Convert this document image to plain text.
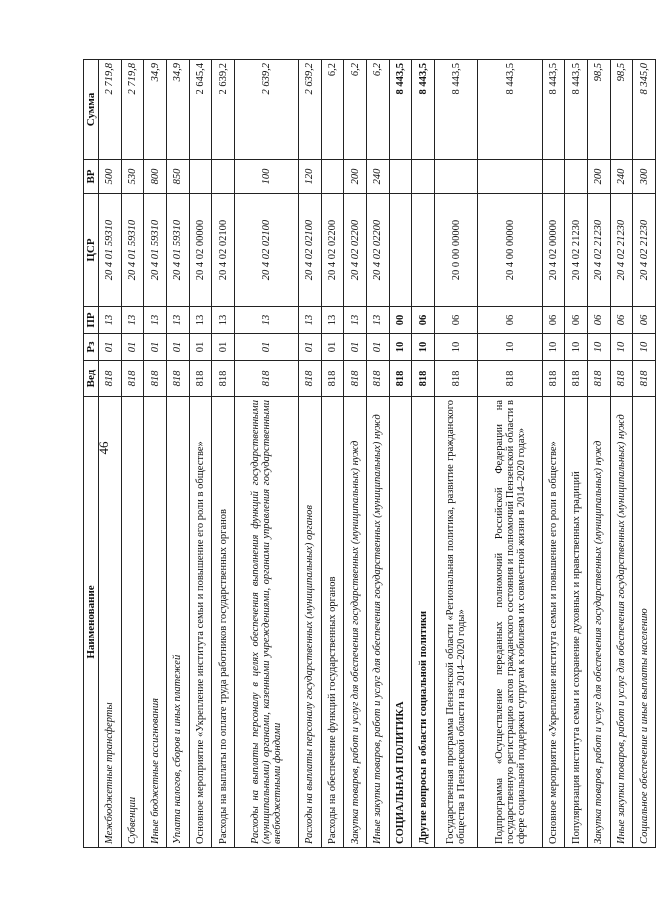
46
Наименование	Вед	Рз	ПР	ЦСР	ВР	Сумма
Межбюджетные трансферты	818	01	13	20 4 01 59310	500	2 719,8
Субвенции	818	01	13	20 4 01 59310	530	2 719,8
Иные бюджетные ассигнования	818	01	13	20 4 01 59310	800	34,9
Уплата налогов, сборов и иных платежей	818	01	13	20 4 01 59310	850	34,9
Основное мероприятие «Укрепление института семьи и повышение его роли в обществе»	818	01	13	20 4 02 00000		2 645,4
Расходы на выплаты по оплате труда работников государственных органов	818	01	13	20 4 02 02100		2 639,2
Расходы на выплаты персоналу в целях обеспечения выполнения функций государственными (муниципальными) органами, казенными учреждениями, органами управления государственными внебюджетными фондами	818	01	13	20 4 02 02100	100	2 639,2
Расходы на выплаты персоналу государственных (муниципальных) органов	818	01	13	20 4 02 02100	120	2 639,2
Расходы на обеспечение функций государственных органов	818	01	13	20 4 02 02200		6,2
Закупка товаров, работ и услуг для обеспечения государственных (муниципальных) нужд	818	01	13	20 4 02 02200	200	6,2
Иные закупки товаров, работ и услуг для обеспечения государственных (муниципальных) нужд	818	01	13	20 4 02 02200	240	6,2
СОЦИАЛЬНАЯ ПОЛИТИКА	818	10	00			8 443,5
Другие вопросы в области социальной политики	818	10	06			8 443,5
Государственная программа Пензенской области «Региональная политика, развитие гражданского общества в Пензенской области на 2014–2020 годы»	818	10	06	20 0 00 00000		8 443,5
Подпрограмма «Осуществление переданных полномочий Российской Федерации на государственную регистрацию актов гражданского состояния и полномочий Пензенской области в сфере социальной поддержки супругам к юбилеям их совместной жизни в 2014–2020 годах»	818	10	06	20 4 00 00000		8 443,5
Основное мероприятие «Укрепление института семьи и повышение его роли в обществе»	818	10	06	20 4 02 00000		8 443,5
Популяризация института семьи и сохранение духовных и нравственных традиций	818	10	06	20 4 02 21230		8 443,5
Закупка товаров, работ и услуг для обеспечения государственных (муниципальных) нужд	818	10	06	20 4 02 21230	200	98,5
Иные закупки товаров, работ и услуг для обеспечения государственных (муниципальных) нужд	818	10	06	20 4 02 21230	240	98,5
Социальное обеспечение и иные выплаты населению	818	10	06	20 4 02 21230	300	8 345,0
